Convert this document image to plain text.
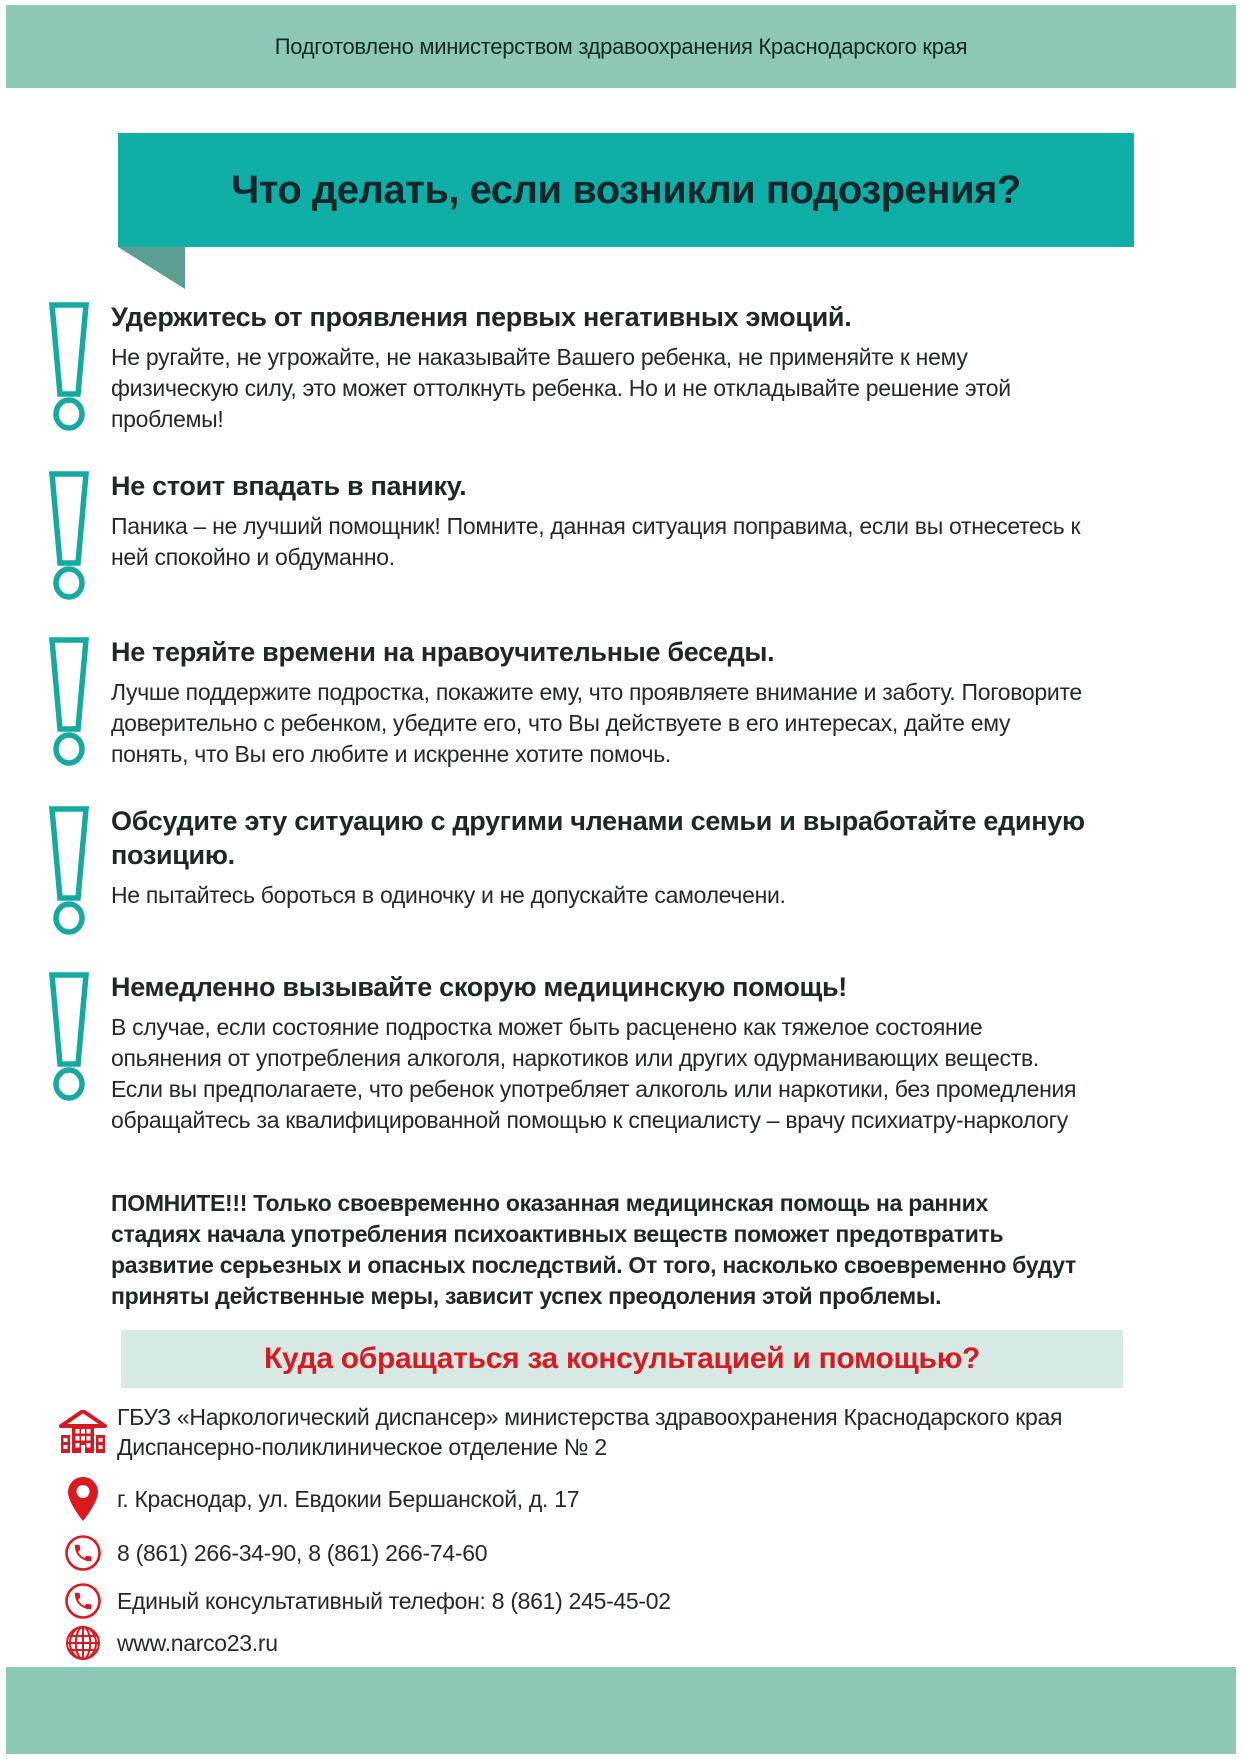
Подготовлено министерством здравоохранения Краснодарского края
Что делать, если возникли подозрения?
Удержитесь от проявления первых негативных эмоций.

Не ругайте, не угрожайте, не наказывайте Вашего ребенка, не применяйте к нему физическую силу, это может оттолкнуть ребенка. Но и не откладывайте решение этой проблемы!

Не стоит впадать в панику.

Паника – не лучший помощник! Помните, данная ситуация поправима, если вы отнесетесь к ней спокойно и обдуманно.

Не теряйте времени на нравоучительные беседы.

Лучше поддержите подростка, покажите ему, что проявляете внимание и заботу. Поговорите доверительно с ребенком, убедите его, что Вы действуете в его интересах, дайте ему понять, что Вы его любите и искренне хотите помочь.

Обсудите эту ситуацию с другими членами семьи и выработайте единую позицию.

Не пытайтесь бороться в одиночку и не допускайте самолечени.

Немедленно вызывайте скорую медицинскую помощь!

В случае, если состояние подростка может быть расценено как тяжелое состояние опьянения от употребления алкоголя, наркотиков или других одурманивающих веществ.

Если вы предполагаете, что ребенок употребляет алкоголь или наркотики, без промедления обращайтесь за квалифицированной помощью к специалисту – врачу психиатру-наркологу

ПОМНИТЕ!!! Только своевременно оказанная медицинская помощь на ранних стадиях начала употребления психоактивных веществ поможет предотвратить развитие серьезных и опасных последствий. От того, насколько своевременно будут приняты действенные меры, зависит успех преодоления этой проблемы.

Куда обращаться за консультацией и помощью?
ГБУЗ «Наркологический диспансер» министерства здравоохранения Краснодарского края
Диспансерно-поликлиническое отделение № 2
г. Краснодар, ул. Евдокии Бершанской, д. 17
8 (861) 266-34-90, 8 (861) 266-74-60
Единый консультативный телефон: 8 (861) 245-45-02
www.narco23.ru
